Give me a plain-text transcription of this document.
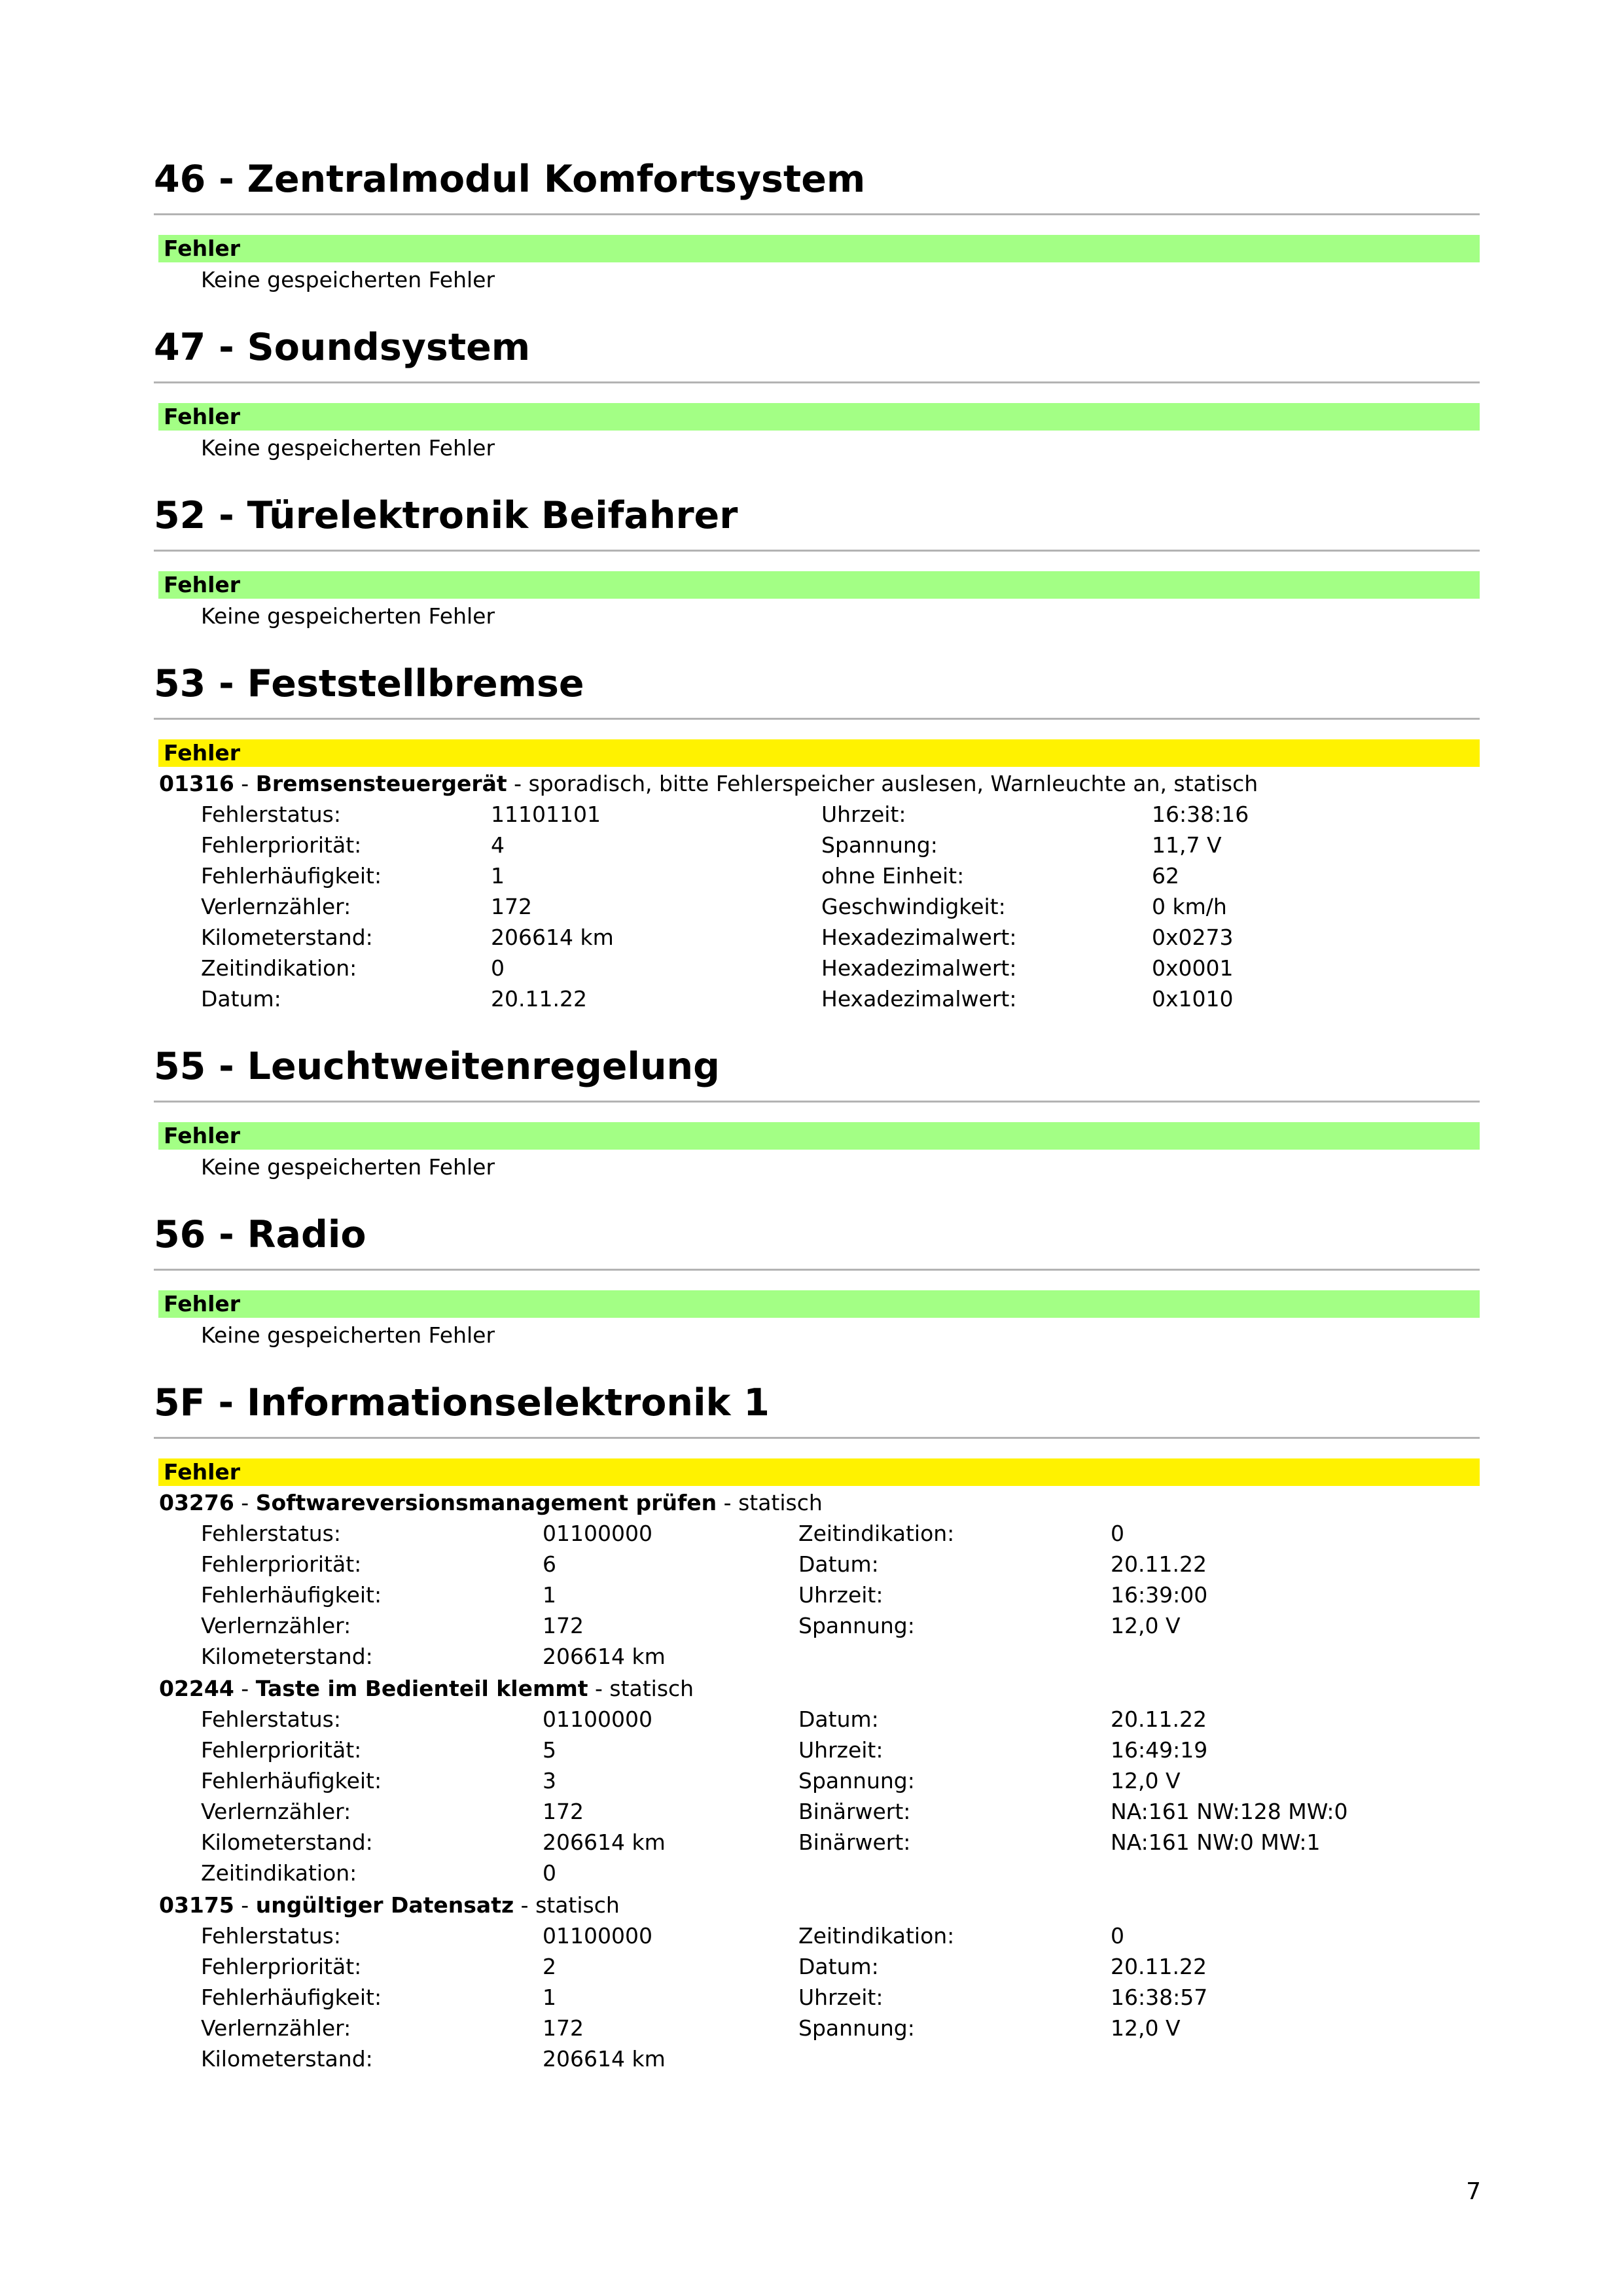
46 - Zentralmodul Komfortsystem
Fehler
Keine gespeicherten Fehler
47 - Soundsystem
Fehler
Keine gespeicherten Fehler
52 - Türelektronik Beifahrer
Fehler
Keine gespeicherten Fehler
53 - Feststellbremse
Fehler
01316 - Bremsensteuergerät - sporadisch, bitte Fehlerspeicher auslesen, Warnleuchte an, statisch
Fehlerstatus:	11101101	Uhrzeit:	16:38:16
Fehlerpriorität:	4	Spannung:	11,7 V
Fehlerhäufigkeit:	1	ohne Einheit:	62
Verlernzähler:	172	Geschwindigkeit:	0 km/h
Kilometerstand:	206614 km	Hexadezimalwert:	0x0273
Zeitindikation:	0	Hexadezimalwert:	0x0001
Datum:	20.11.22	Hexadezimalwert:	0x1010
55 - Leuchtweitenregelung
Fehler
Keine gespeicherten Fehler
56 - Radio
Fehler
Keine gespeicherten Fehler
5F - Informationselektronik 1
Fehler
03276 - Softwareversionsmanagement prüfen - statisch
Fehlerstatus:	01100000	Zeitindikation:	0
Fehlerpriorität:	6	Datum:	20.11.22
Fehlerhäufigkeit:	1	Uhrzeit:	16:39:00
Verlernzähler:	172	Spannung:	12,0 V
Kilometerstand:	206614 km
02244 - Taste im Bedienteil klemmt - statisch
Fehlerstatus:	01100000	Datum:	20.11.22
Fehlerpriorität:	5	Uhrzeit:	16:49:19
Fehlerhäufigkeit:	3	Spannung:	12,0 V
Verlernzähler:	172	Binärwert:	NA:161 NW:128 MW:0
Kilometerstand:	206614 km	Binärwert:	NA:161 NW:0 MW:1
Zeitindikation:	0
03175 - ungültiger Datensatz - statisch
Fehlerstatus:	01100000	Zeitindikation:	0
Fehlerpriorität:	2	Datum:	20.11.22
Fehlerhäufigkeit:	1	Uhrzeit:	16:38:57
Verlernzähler:	172	Spannung:	12,0 V
Kilometerstand:	206614 km
7
